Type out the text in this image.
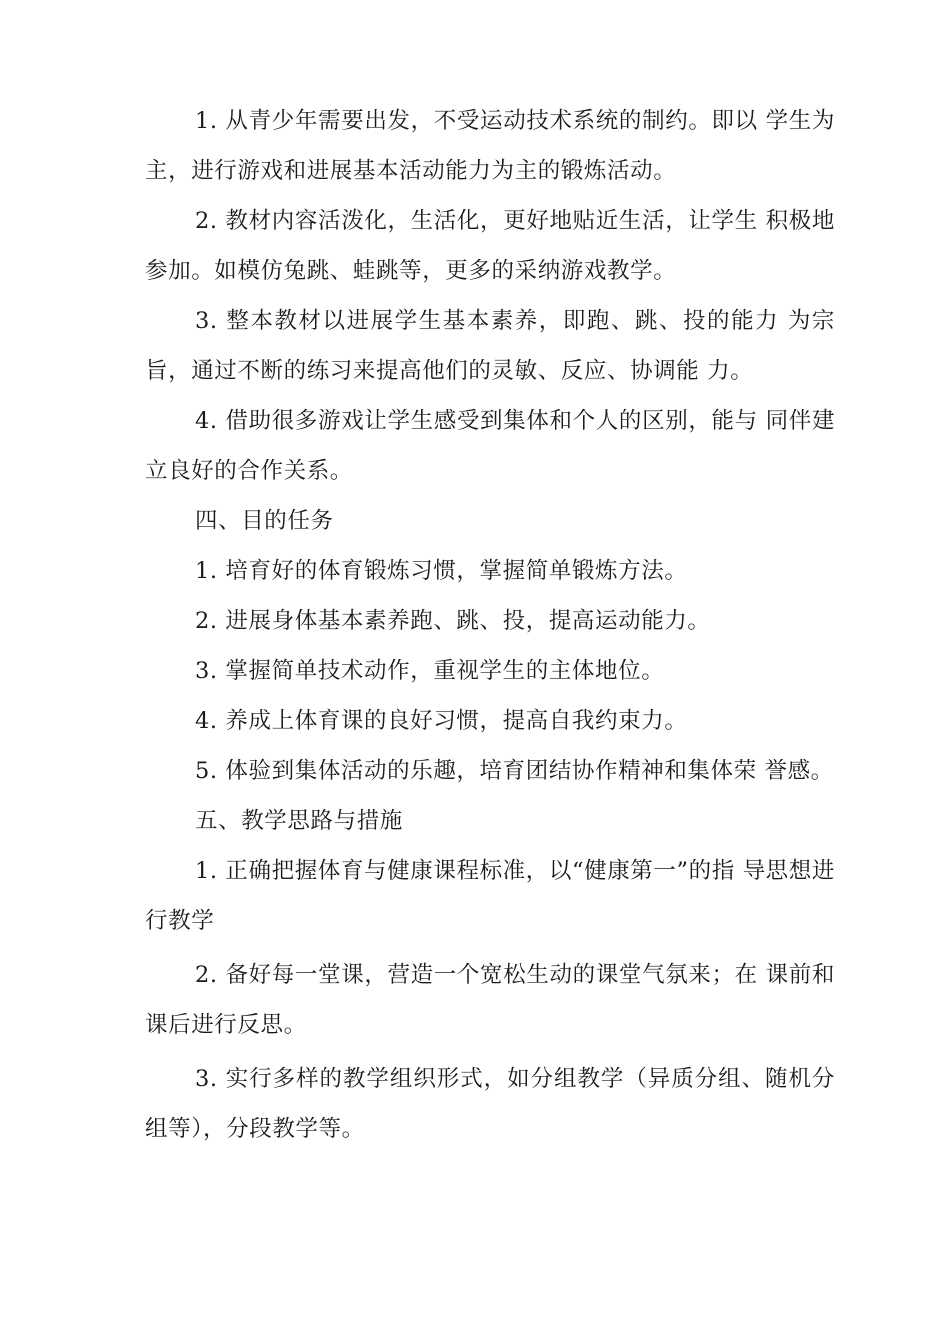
1. 从青少年需要出发，不受运动技术系统的制约。即以 学生为主，进行游戏和进展基本活动能力为主的锻炼活动。

2. 教材内容活泼化，生活化，更好地贴近生活，让学生 积极地参加。如模仿兔跳、蛙跳等，更多的采纳游戏教学。

3. 整本教材以进展学生基本素养，即跑、跳、投的能力 为宗旨，通过不断的练习来提高他们的灵敏、反应、协调能 力。

4. 借助很多游戏让学生感受到集体和个人的区别，能与 同伴建立良好的合作关系。

四、目的任务

1. 培育好的体育锻炼习惯，掌握简单锻炼方法。

2. 进展身体基本素养跑、跳、投，提高运动能力。

3. 掌握简单技术动作，重视学生的主体地位。

4. 养成上体育课的良好习惯，提高自我约束力。

5. 体验到集体活动的乐趣，培育团结协作精神和集体荣 誉感。

五、教学思路与措施

1. 正确把握体育与健康课程标准，以“健康第一”的指 导思想进行教学

2. 备好每一堂课，营造一个宽松生动的课堂气氛来；在 课前和课后进行反思。

3. 实行多样的教学组织形式，如分组教学（异质分组、随机分组等），分段教学等。
